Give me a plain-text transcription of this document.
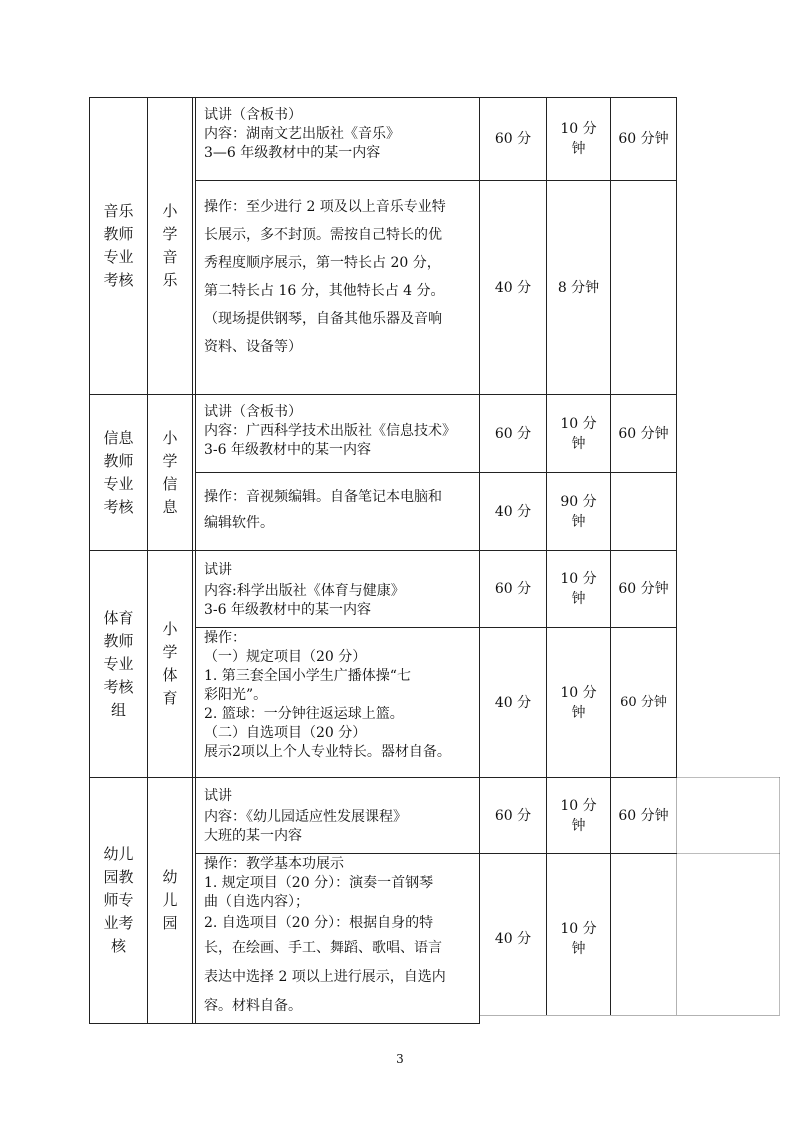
音乐
教师
专业
考核
小
学
音
乐
试讲（含板书）
内容：湖南文艺出版社《音乐》
3—6 年级教材中的某一内容
60 分
10 分
钟
60 分钟
操作：至少进行 2 项及以上音乐专业特
长展示，多不封顶。需按自己特长的优
秀程度顺序展示，第一特长占 20 分，
第二特长占 16 分，其他特长占 4 分。
（现场提供钢琴，自备其他乐器及音响
资料、设备等）
40 分 8 分钟
信息
教师
专业
考核
小
学
信
息
试讲（含板书）
内容：广西科学技术出版社《信息技术》
3-6 年级教材中的某一内容
60 分
10 分
钟
60 分钟
操作：音视频编辑。自备笔记本电脑和
编辑软件。
40 分
90 分
钟
体育
教师
专业
考核
组
小
学
体
育
试讲
内容:科学出版社《体育与健康》
3-6 年级教材中的某一内容
60 分
10 分
钟
60 分钟
操作：
（一）规定项目（20 分）
1. 第三套全国小学生广播体操“七
彩阳光”。
2. 篮球：一分钟往返运球上篮。
（二）自选项目（20 分）
展示2项以上个人专业特长。器材自备。
40 分
10 分
钟
60 分钟
幼儿
园教
师专
业考
核
幼
儿
园
试讲
内容：《幼儿园适应性发展课程》
大班的某一内容
60 分
10 分
钟
60 分钟
操作：教学基本功展示
1. 规定项目（20 分）：演奏一首钢琴
曲（自选内容）；
2. 自选项目（20 分）：根据自身的特
长，在绘画、手工、舞蹈、歌唱、语言
表达中选择 2 项以上进行展示，自选内
容。材料自备。
40 分
10 分
钟
3
